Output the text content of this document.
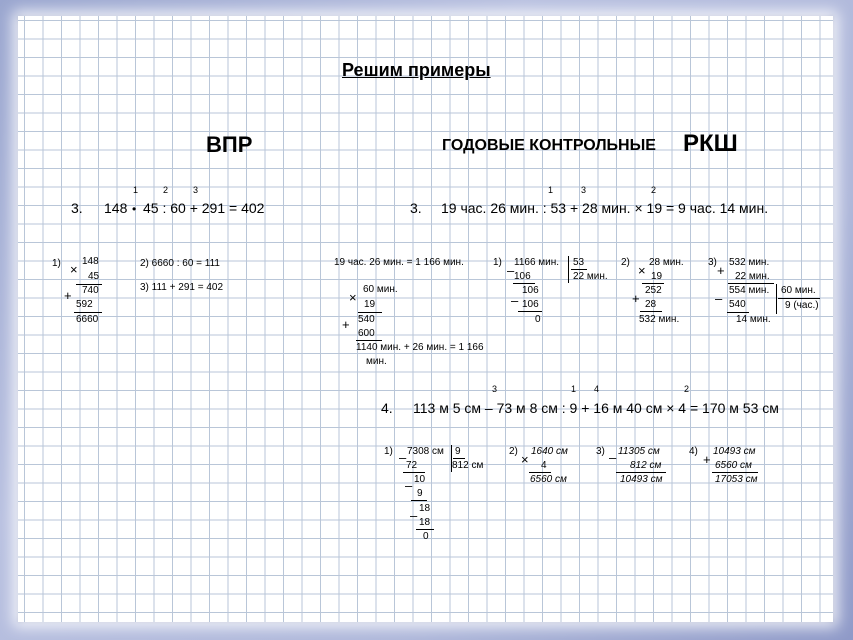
Решим примеры
ВПР	ГОДОВЫЕ КОНТРОЛЬНЫЕ РКШ
1	2	3
3. 148 • 45 : 60 + 291 = 402
1) ×
148
45
+ 740
592
6660
2) 6660 : 60 = 111
3) 111 + 291 = 402
1	3	2
3. 19 час. 26 мин. : 53 + 28 мин. × 19 = 9 час. 14 мин.
19 час. 26 мин. = 1 166 мин.
×
60 мин.
19
+ 540
600
1140 мин. + 26 мин. = 1 166
мин.
1)
–
1166 мин. 53
106	22 мин.
106
– 106
0
2)
×
28 мин.
19
+
252
28
532 мин.
3)
+
532 мин.
22 мин.
–
554 мин. 60 мин.
540	9 (час.)
14 мин.
3	1 4	2
4. 113 м 5 см – 73 м 8 см : 9 + 16 м 40 см × 4 = 170 м 53 см
1) – 7308 см 9
72	812 см
– 10
9
– 18
18
0
2)
×
1640 см
4
6560 см
3) – 11305 см
812 см
10493 см
4)
+
10493 см
6560 см
17053 см
